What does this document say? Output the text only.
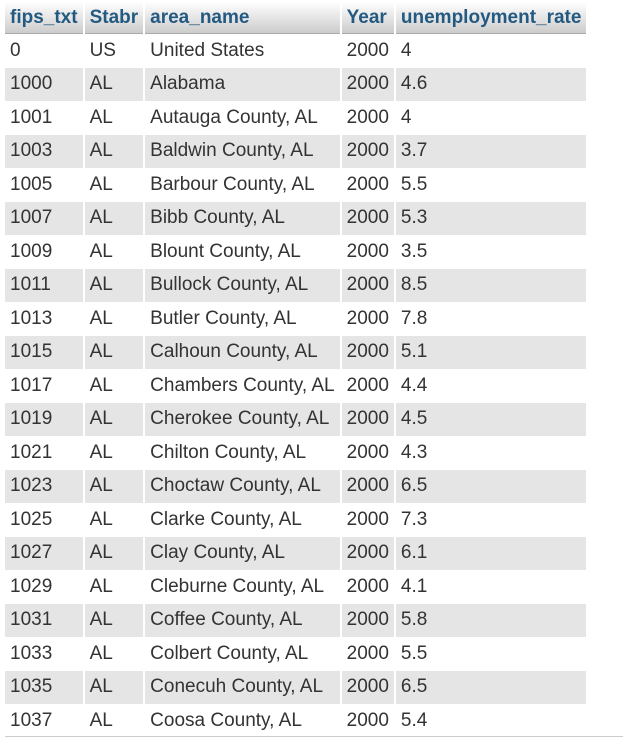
fips_txt	Stabr	area_name	Year	unemployment_rate
0	US	United States	2000	4
1000	AL	Alabama	2000	4.6
1001	AL	Autauga County, AL	2000	4
1003	AL	Baldwin County, AL	2000	3.7
1005	AL	Barbour County, AL	2000	5.5
1007	AL	Bibb County, AL	2000	5.3
1009	AL	Blount County, AL	2000	3.5
1011	AL	Bullock County, AL	2000	8.5
1013	AL	Butler County, AL	2000	7.8
1015	AL	Calhoun County, AL	2000	5.1
1017	AL	Chambers County, AL	2000	4.4
1019	AL	Cherokee County, AL	2000	4.5
1021	AL	Chilton County, AL	2000	4.3
1023	AL	Choctaw County, AL	2000	6.5
1025	AL	Clarke County, AL	2000	7.3
1027	AL	Clay County, AL	2000	6.1
1029	AL	Cleburne County, AL	2000	4.1
1031	AL	Coffee County, AL	2000	5.8
1033	AL	Colbert County, AL	2000	5.5
1035	AL	Conecuh County, AL	2000	6.5
1037	AL	Coosa County, AL	2000	5.4
